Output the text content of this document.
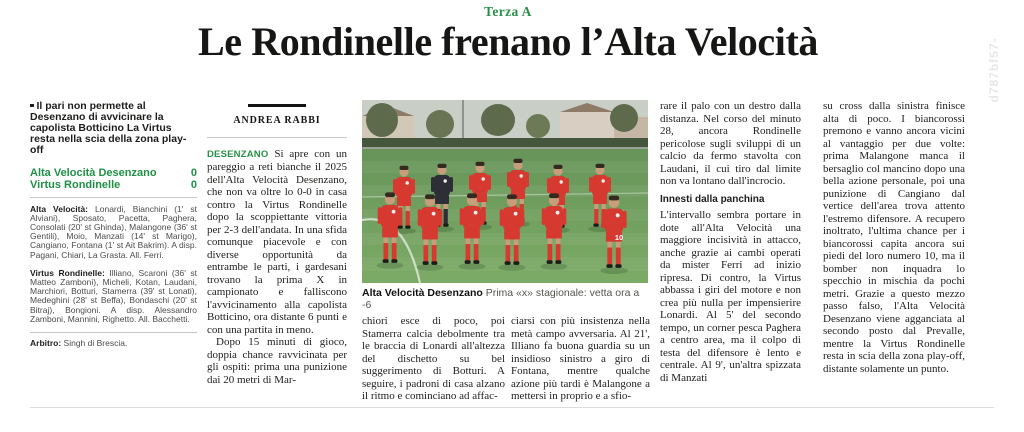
Terza A
Le Rondinelle frenano l’Alta Velocità	d787bf57-
Il pari non permette al Desenzano di avvicinare la capolista Botticino La Virtus resta nella scia della zona play-off
Alta Velocità Desenzano	0
Virtus Rondinelle	0

Alta Velocità: Lonardi, Bianchini (1' st Alviani), Sposato, Pacetta, Paghera, Consolati (20' st Ghinda), Malangone (36' st Gentili), Moio, Manzati (14' st Marigo), Cangiano, Fontana (1' st Ait Bakrim). A disp. Pagani, Chiari, La Grasta. All. Ferri.

Virtus Rondinelle: Illiano, Scaroni (36' st Matteo Zamboni), Micheli, Kotan, Laudani, Marchiori, Botturi, Stamerra (39' st Lonati), Medeghini (28' st Beffa), Bondaschi (20' st Bitraj), Bongioni. A disp. Alessandro Zamboni, Mannini, Righetto. All. Bacchetti.

Arbitro: Singh di Brescia.

ANDREA RABBI

DESENZANO Si apre con un pareggio a reti bianche il 2025 dell'Alta Velocità Desenzano, che non va oltre lo 0-0 in casa contro la Virtus Rondinelle dopo la scoppiettante vittoria per 2-3 dell'andata. In una sfida comunque piacevole e con diverse opportunità da entrambe le parti, i gardesani trovano la prima X in campionato e falliscono l'avvicinamento alla capolista Botticino, ora distante 6 punti e con una partita in meno.

Dopo 15 minuti di gioco, doppia chance ravvicinata per gli ospiti: prima una punizione dai 20 metri di Mar-

10
Alta Velocità Desenzano Prima «x» stagionale: vetta ora a -6

chiori esce di poco, poi Stamerra calcia debolmente tra le braccia di Lonardi all'altezza del dischetto su bel suggerimento di Botturi. A seguire, i padroni di casa alzano il ritmo e cominciano ad affac-

ciarsi con più insistenza nella metà campo avversaria. Al 21', Illiano fa buona guardia su un insidioso sinistro a giro di Fontana, mentre qualche azione più tardi è Malangone a mettersi in proprio e a sfio-

rare il palo con un destro dalla distanza. Nel corso del minuto 28, ancora Rondinelle pericolose sugli sviluppi di un calcio da fermo stavolta con Laudani, il cui tiro dal limite non va lontano dall'incrocio.

Innesti dalla panchina

L'intervallo sembra portare in dote all'Alta Velocità una maggiore incisività in attacco, anche grazie ai cambi operati da mister Ferri ad inizio ripresa. Di contro, la Virtus abbassa i giri del motore e non crea più nulla per impensierire Lonardi. Al 5' del secondo tempo, un corner pesca Paghera a centro area, ma il colpo di testa del difensore è lento e centrale. Al 9', un'altra spizzata di Manzati

su cross dalla sinistra finisce alta di poco. I biancorossi premono e vanno ancora vicini al vantaggio per due volte: prima Malangone manca il bersaglio col mancino dopo una bella azione personale, poi una punizione di Cangiano dal vertice dell'area trova attento l'estremo difensore. A recupero inoltrato, l'ultima chance per i biancorossi capita ancora sui piedi del loro numero 10, ma il bomber non inquadra lo specchio in mischia da pochi metri. Grazie a questo mezzo passo falso, l'Alta Velocità Desenzano viene agganciata al secondo posto dal Prevalle, mentre la Virtus Rondinelle resta in scia della zona play-off, distante solamente un punto.
